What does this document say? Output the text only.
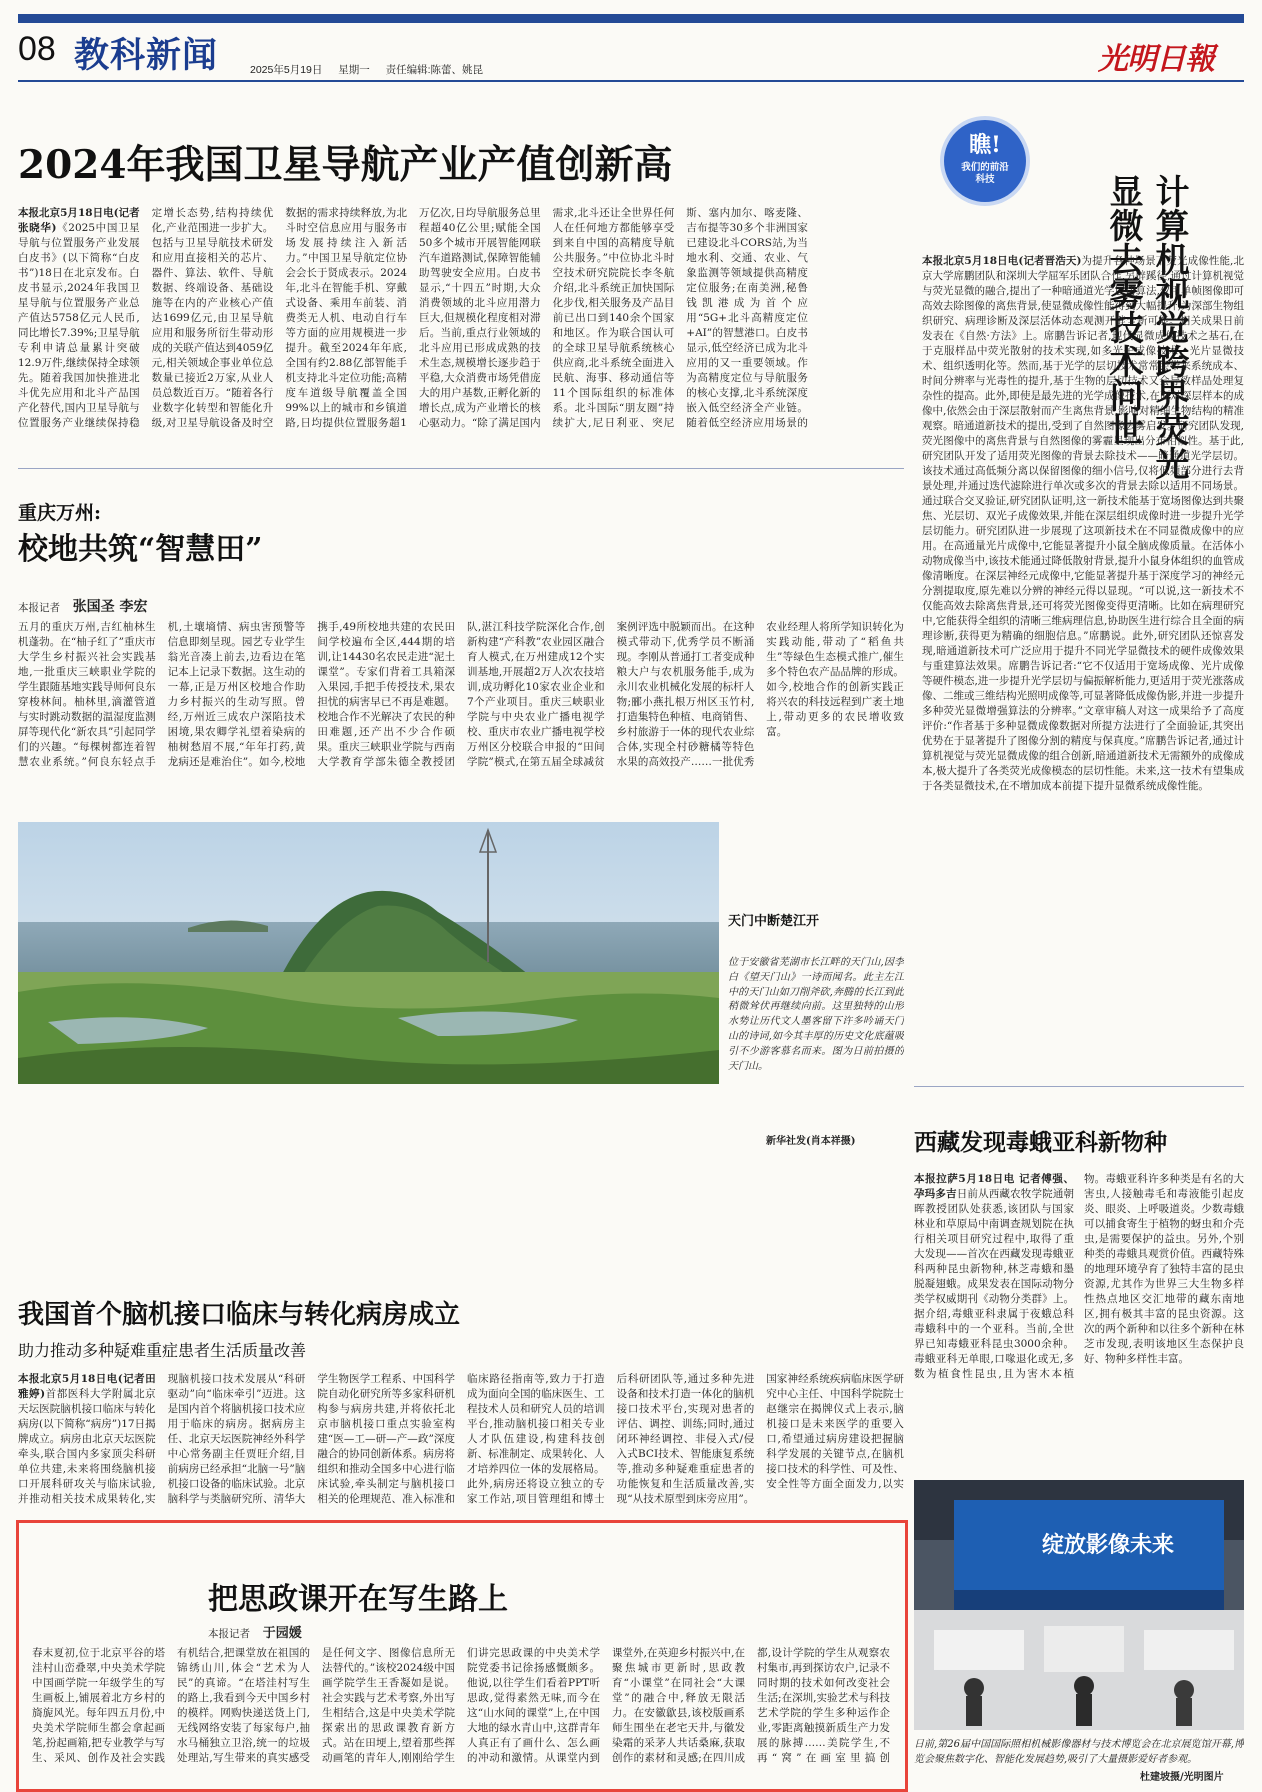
08 教科新闻	2025年5月19日 星期一 责任编辑:陈蕾、姚昆	光明日報
2024年我国卫星导航产业产值创新高
本报北京5月18日电(记者张晓华)《2025中国卫星导航与位置服务产业发展白皮书》(以下简称“白皮书”)18日在北京发布。白皮书显示,2024年我国卫星导航与位置服务产业总产值达5758亿元人民币,同比增长7.39%;卫星导航专利申请总量累计突破12.9万件,继续保持全球领先。随着我国加快推进北斗优先应用和北斗产品国产化替代,国内卫星导航与位置服务产业继续保持稳定增长态势,结构持续优化,产业范围进一步扩大。包括与卫星导航技术研发和应用直接相关的芯片、器件、算法、软件、导航数据、终端设备、基础设施等在内的产业核心产值达1699亿元,由卫星导航应用和服务所衍生带动形成的关联产值达到4059亿元,相关领域企事业单位总数量已接近2万家,从业人员总数近百万。“随着各行业数字化转型和智能化升级,对卫星导航设备及时空数据的需求持续释放,为北斗时空信息应用与服务市场发展持续注入新活力。”中国卫星导航定位协会会长于贤成表示。2024年,北斗在智能手机、穿戴式设备、乘用车前装、消费类无人机、电动自行车等方面的应用规模进一步提升。截至2024年年底,全国有约2.88亿部智能手机支持北斗定位功能;高精度车道级导航覆盖全国99%以上的城市和乡镇道路,日均提供位置服务超1万亿次,日均导航服务总里程超40亿公里;赋能全国50多个城市开展智能网联汽车道路测试,保障智能辅助驾驶安全应用。白皮书显示,“十四五”时期,大众消费领域的北斗应用潜力巨大,但规模化程度相对滞后。当前,重点行业领域的北斗应用已形成成熟的技术生态,规模增长逐步趋于平稳,大众消费市场凭借庞大的用户基数,正孵化新的增长点,成为产业增长的核心驱动力。“除了满足国内需求,北斗还让全世界任何人在任何地方都能够享受到来自中国的高精度导航公共服务。”中位协北斗时空技术研究院院长李冬航介绍,北斗系统正加快国际化步伐,相关服务及产品目前已出口到140余个国家和地区。作为联合国认可的全球卫星导航系统核心供应商,北斗系统全面进入民航、海事、移动通信等11个国际组织的标准体系。北斗国际“朋友圈”持续扩大,尼日利亚、突尼斯、塞内加尔、喀麦隆、吉布提等30多个非洲国家已建设北斗CORS站,为当地水利、交通、农业、气象监测等领域提供高精度定位服务;在南美洲,秘鲁钱凯港成为首个应用“5G+北斗高精度定位+AI”的智慧港口。白皮书显示,低空经济已成为北斗应用的又一重要领域。作为高精度定位与导航服务的核心支撑,北斗系统深度嵌入低空经济全产业链。随着低空经济应用场景的
瞧!
我们的前沿科技	计算机视觉跨界荧光显微去雾技术问世
本报北京5月18日电(记者晋浩天)为提升各种场景下荧光成像性能,北京大学席鹏团队和深圳大学屈军乐团队合作,另辟蹊径,通过计算机视觉与荧光显微的融合,提出了一种暗通道光学层切算法,仅用单帧图像即可高效去除图像的离焦背景,使显微成像性能得到大幅提升,为深部生物组织研究、病理诊断及深层活体动态观测开辟全新可能。相关成果日前发表在《自然·方法》上。席鹏告诉记者,现代显微成像技术之基石,在于克服样品中荧光散射的技术实现,如多光子成像技术、光片显微技术、组织透明化等。然而,基于光学的层切技术常常会带来系统成本、时间分辨率与光毒性的提升,基于生物的层切技术又会导致样品处理复杂性的提高。此外,即使是最先进的光学成像技术,在面对深层样本的成像中,依然会由于深层散射而产生离焦背景,影响对精细生物结构的精准观察。暗通道新技术的提出,受到了自然图像去雾启发。研究团队发现,荧光图像中的离焦背景与自然图像的雾霾呈现出分布相似性。基于此,研究团队开发了适用荧光图像的背景去除技术——暗通道光学层切。该技术通过高低频分离以保留图像的细小信号,仅将低频部分进行去背景处理,并通过迭代滤除进行单次或多次的背景去除以适用不同场景。通过联合交叉验证,研究团队证明,这一新技术能基于宽场图像达到共聚焦、光层切、双光子成像效果,并能在深层组织成像时进一步提升光学层切能力。研究团队进一步展现了这项新技术在不同显微成像中的应用。在高通量光片成像中,它能显著提升小鼠全脑成像质量。在活体小动物成像当中,该技术能通过降低散射背景,提升小鼠身体组织的血管成像清晰度。在深层神经元成像中,它能显著提升基于深度学习的神经元分割提取度,原先难以分辨的神经元得以显现。“可以说,这一新技术不仅能高效去除离焦背景,还可将荧光图像变得更清晰。比如在病理研究中,它能获得全组织的清晰三维病理信息,协助医生进行综合且全面的病理诊断,获得更为精确的细胞信息。”席鹏说。此外,研究团队还惊喜发现,暗通道新技术可广泛应用于提升不同光学显微技术的硬件成像效果与重建算法效果。席鹏告诉记者:“它不仅适用于宽场成像、光片成像等硬件模态,进一步提升光学层切与偏振解析能力,更适用于荧光涨落成像、二维或三维结构光照明成像等,可显著降低成像伪影,并进一步提升多种荧光显微增强算法的分辨率。”文章审稿人对这一成果给予了高度评价:“作者基于多种显微成像数据对所提方法进行了全面验证,其突出优势在于显著提升了图像分割的精度与保真度。”席鹏告诉记者,通过计算机视觉与荧光显微成像的组合创新,暗通道新技术无需额外的成像成本,极大提升了各类荧光成像模态的层切性能。未来,这一技术有望集成于各类显微技术,在不增加成本前提下提升显微系统成像性能。
重庆万州:
校地共筑“智慧田”
本报记者 张国圣 李宏
五月的重庆万州,吉红柚林生机蓬勃。在“柚子红了”重庆市大学生乡村振兴社会实践基地,一批重庆三峡职业学院的学生跟随基地实践导师何良东穿梭林间。柚林里,滴灌管道与实时跳动数据的温湿度监测屏等现代化“新农具”引起同学们的兴趣。“每棵树都连着智慧农业系统。”何良东轻点手机,土壤墒情、病虫害预警等信息即刻呈现。园艺专业学生翁光音凑上前去,边看边在笔记本上记录下数据。这生动的一幕,正是万州区校地合作助力乡村振兴的生动写照。曾经,万州近三成农户深陷技术困境,果农卿学礼望着染病的柚树愁眉不展,“年年打药,黄龙病还是难治住”。如今,校地携手,49所校地共建的农民田间学校遍布全区,444期的培训,让14430名农民走进“泥土课堂”。专家们背着工具箱深入果园,手把手传授技术,果农担忧的病害早已不再是难题。校地合作不光解决了农民的种田难题,还产出不少合作硕果。重庆三峡职业学院与西南大学教育学部朱德全教授团队,湛江科技学院深化合作,创新构建“产科教”农业园区融合育人模式,在万州建成12个实训基地,开展超2万人次农技培训,成功孵化10家农业企业和7个产业项目。重庆三峡职业学院与中央农业广播电视学校、重庆市农业广播电视学校万州区分校联合申报的“田间学院”模式,在第五届全球减贫案例评选中脱颖而出。在这种模式带动下,优秀学员不断涌现。李刚从普通打工者变成种粮大户与农机服务能手,成为永川农业机械化发展的标杆人物;郦小燕扎根万州区玉竹村,打造集特色种植、电商销售、乡村旅游于一体的现代农业综合体,实现全村砂糖橘等特色水果的高效投产……一批优秀农业经理人将所学知识转化为实践动能,带动了“稻鱼共生”等绿色生态模式推广,催生多个特色农产品品牌的形成。如今,校地合作的创新实践正将兴农的科技远程到广袤土地上,带动更多的农民增收致富。
天门中断楚江开
位于安徽省芜湖市长江畔的天门山,因李白《望天门山》一诗而闻名。此主左江中的天门山如刀削斧砍,奔腾的长江到此稍微耸伏再继续向前。这里独特的山形水势让历代文人墨客留下许多吟诵天门山的诗词,如今其丰厚的历史文化底蕴吸引不少游客慕名而来。图为日前拍摄的天门山。
新华社发(肖本祥摄)	西藏发现毒蛾亚科新物种
本报拉萨5月18日电 记者傅强、孕玛多吉日前从西藏农牧学院通朝晖教授团队处获悉,该团队与国家林业和草原局中南调查规划院在执行相关项目研究过程中,取得了重大发现——首次在西藏发现毒蛾亚科两种昆虫新物种,林芝毒蛾和墨脱凝翅蛾。成果发表在国际动物分类学权威期刊《动物分类群》上。据介绍,毒蛾亚科隶属于夜蛾总科毒蛾科中的一个亚科。当前,全世界已知毒蛾亚科昆虫3000余种。毒蛾亚科无单眼,口喙退化或无,多数为植食性昆虫,且为害木本植物。毒蛾亚科许多种类是有名的大害虫,人接触毒毛和毒液能引起皮炎、眼炎、上呼吸道炎。少数毒蛾可以捕食寄生于植物的蚜虫和介壳虫,是需要保护的益虫。另外,个别种类的毒蛾具观赏价值。西藏特殊的地理环境孕育了独特丰富的昆虫资源,尤其作为世界三大生物多样性热点地区交汇地带的藏东南地区,拥有极其丰富的昆虫资源。这次的两个新种和以往多个新种在林芝市发现,表明该地区生态保护良好、物种多样性丰富。
我国首个脑机接口临床与转化病房成立
助力推动多种疑难重症患者生活质量改善
本报北京5月18日电(记者田雅婷)首都医科大学附属北京天坛医院脑机接口临床与转化病房(以下简称“病房”)17日揭牌成立。病房由北京天坛医院牵头,联合国内多家顶尖科研单位共建,未来将围绕脑机接口开展科研攻关与临床试验,并推动相关技术成果转化,实现脑机接口技术发展从“科研驱动”向“临床牵引”迈进。这是国内首个将脑机接口技术应用于临床的病房。据病房主任、北京天坛医院神经外科学中心常务副主任贾旺介绍,目前病房已经承担“北脑一号”脑机接口设备的临床试验。北京脑科学与类脑研究所、清华大学生物医学工程系、中国科学院自动化研究所等多家科研机构参与病房共建,并将依托北京市脑机接口重点实验室构建“医—工—研—产—政”深度融合的协同创新体系。病房将组织和推动全国多中心进行临床试验,牵头制定与脑机接口相关的伦理规范、准入标准和临床路径指南等,致力于打造成为面向全国的临床医生、工程技术人员和研究人员的培训平台,推动脑机接口相关专业人才队伍建设,构建科技创新、标准制定、成果转化、人才培养四位一体的发展格局。此外,病房还将设立独立的专家工作站,项目管理组和博士后科研团队等,通过多种先进设备和技术打造一体化的脑机接口技术平台,实现对患者的评估、调控、训练;同时,通过闭环神经调控、非侵入式/侵入式BCI技术、智能康复系统等,推动多种疑难重症患者的功能恢复和生活质量改善,实现“从技术原型到床旁应用”。国家神经系统疾病临床医学研究中心主任、中国科学院院士赵继宗在揭牌仪式上表示,脑机接口是未来医学的重要入口,希望通过病房建设把握脑科学发展的关键节点,在脑机接口技术的科学性、可及性、安全性等方面全面发力,以实
把思政课开在写生路上
本报记者 于园媛
春末夏初,位于北京平谷的塔洼村山峦叠翠,中央美术学院中国画学院一年级学生的写生画板上,铺展着北方乡村的旖旎风光。每年四五月份,中央美术学院师生都会拿起画笔,扮起画箱,把专业教学与写生、采风、创作及社会实践有机结合,把课堂放在祖国的锦绣山川,体会“艺术为人民”的真谛。“在塔洼村写生的路上,我看到今天中国乡村的模样。网购快递送货上门,无线网络安装了每家每户,抽水马桶独立卫浴,统一的垃圾处理站,写生带来的真实感受是任何文字、图像信息所无法替代的。”该校2024级中国画学院学生王香凝如是说。社会实践与艺术考察,外出写生相结合,这是中央美术学院探索出的思政课教育新方式。站在田埂上,望着那些挥动画笔的青年人,刚刚给学生们讲完思政课的中央美术学院党委书记徐扬感慨颇多。他说,以往学生们看着PPT听思政,觉得素然无味,而今在这“山水间的课堂”上,在中国大地的绿水青山中,这群青年人真正有了画什么、怎么画的冲动和激情。从课堂内到课堂外,在英迎乡村振兴中,在聚焦城市更新时,思政教育“小课堂”在同社会“大课堂”的融合中,释放无限活力。在安徽歙县,该校版画系师生围坐在老宅天井,与徽发染霜的采茅人共话桑麻,获取创作的素材和灵感;在四川成都,设计学院的学生从观察农村集市,再到探访农户,记录不同时期的技术如何改变社会生活;在深圳,实验艺术与科技艺术学院的学生多种运作企业,零距离触摸新质生产力发展的脉搏……美院学生,不再“窝”在画室里搞创
绽放影像未来
日前,第26届中国国际照相机械影像器材与技术博览会在北京展览馆开幕,博览会聚焦数字化、智能化发展趋势,吸引了大量摄影爱好者参观。
杜建坡摄/光明图片
